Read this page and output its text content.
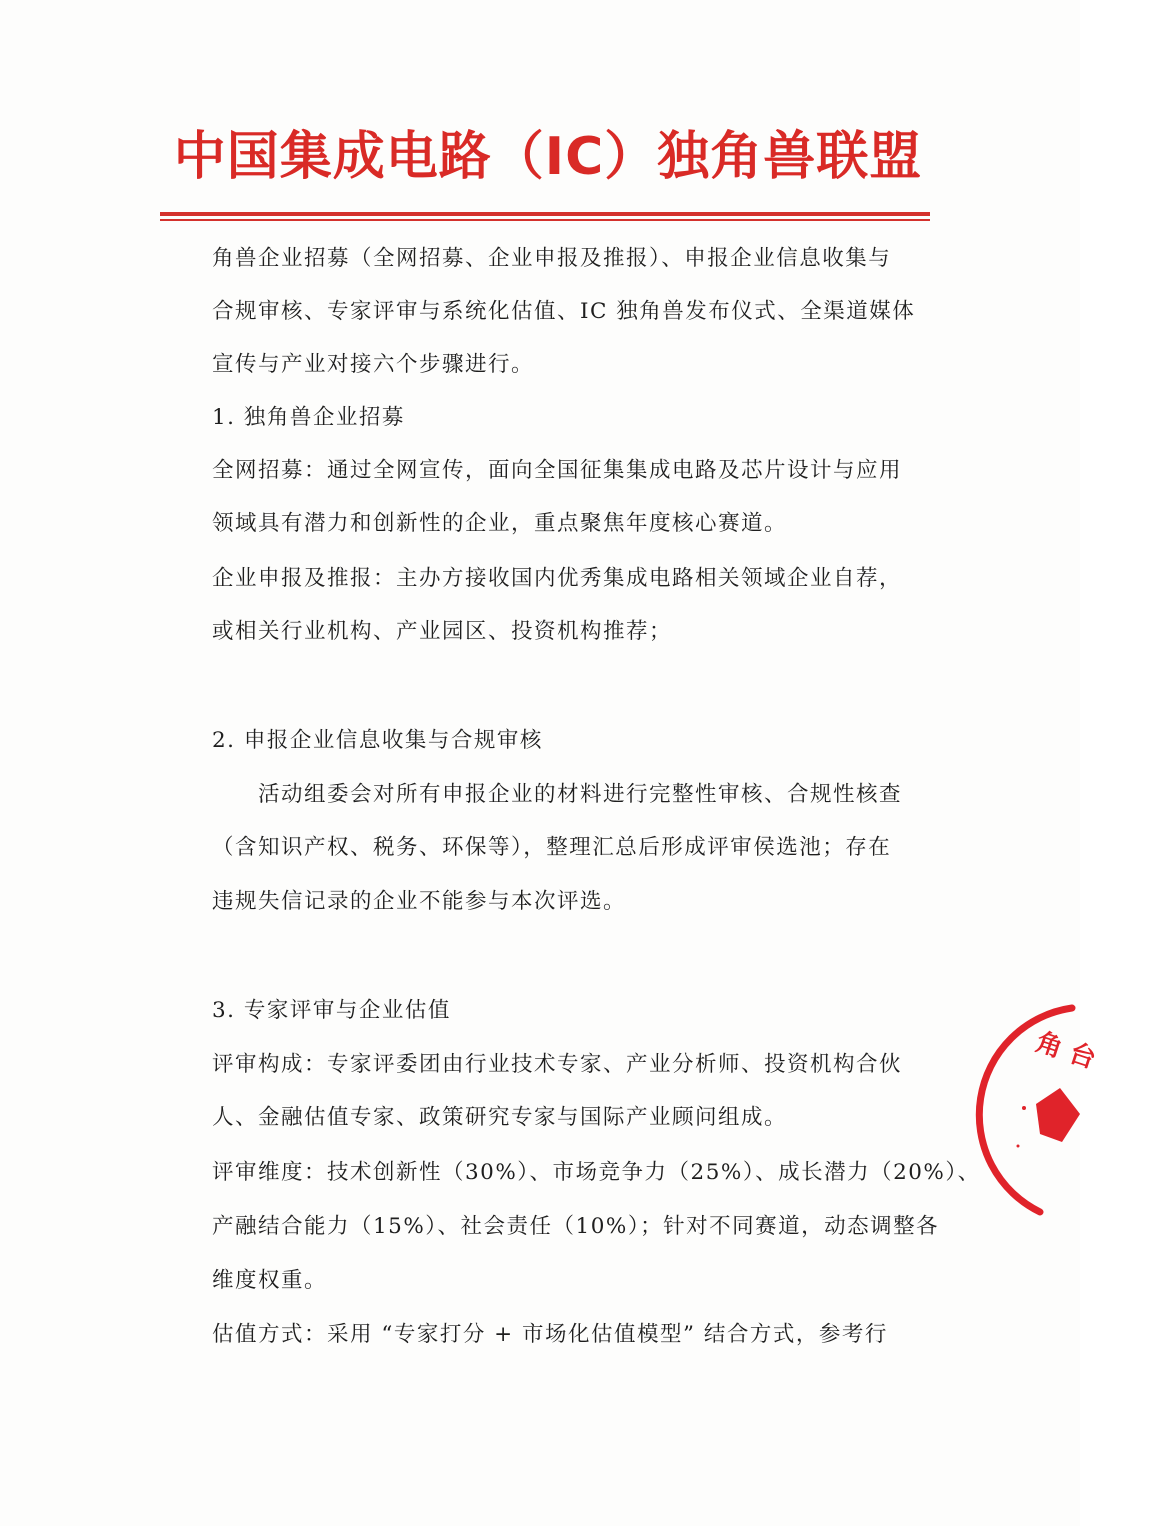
中国集成电路（IC）独角兽联盟
角兽企业招募（全网招募、企业申报及推报）、申报企业信息收集与
合规审核、专家评审与系统化估值、IC 独角兽发布仪式、全渠道媒体
宣传与产业对接六个步骤进行。
1. 独角兽企业招募
全网招募：通过全网宣传，面向全国征集集成电路及芯片设计与应用
领域具有潜力和创新性的企业，重点聚焦年度核心赛道。
企业申报及推报：主办方接收国内优秀集成电路相关领域企业自荐，
或相关行业机构、产业园区、投资机构推荐；
2. 申报企业信息收集与合规审核
活动组委会对所有申报企业的材料进行完整性审核、合规性核查
（含知识产权、税务、环保等），整理汇总后形成评审侯选池；存在
违规失信记录的企业不能参与本次评选。
3. 专家评审与企业估值
评审构成：专家评委团由行业技术专家、产业分析师、投资机构合伙
人、金融估值专家、政策研究专家与国际产业顾问组成。
评审维度：技术创新性（30%）、市场竞争力（25%）、成长潜力（20%）、
产融结合能力（15%）、社会责任（10%）；针对不同赛道，动态调整各
维度权重。
估值方式：采用 “专家打分 + 市场化估值模型” 结合方式，参考行
角 台
